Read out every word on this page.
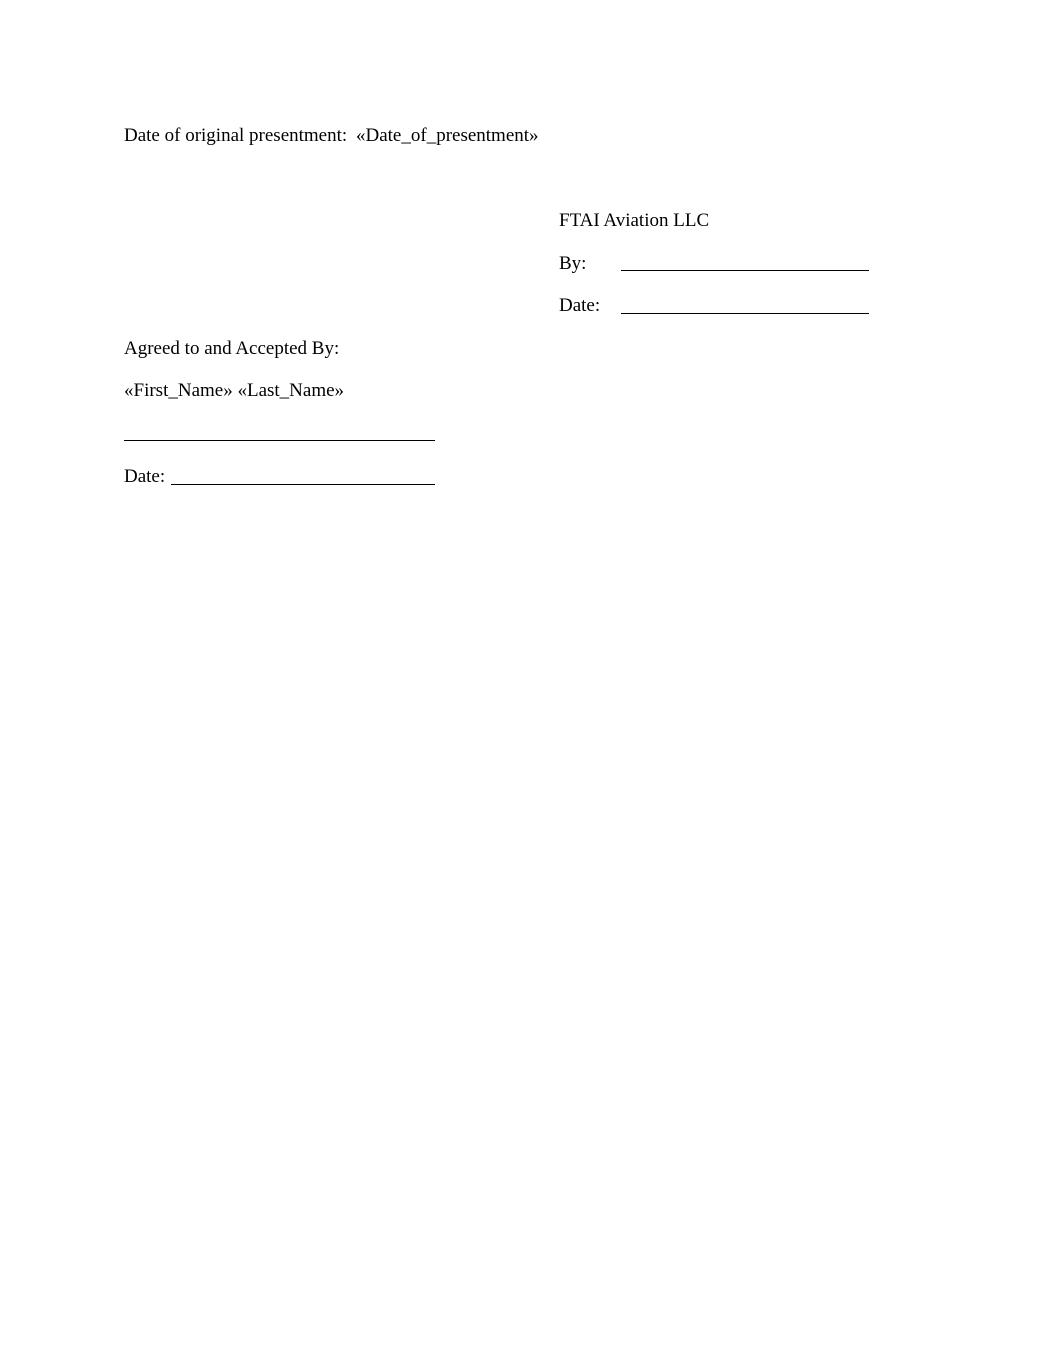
Date of original presentment: «Date_of_presentment»
FTAI Aviation LLC
By:
Date:
Agreed to and Accepted By:
«First_Name» «Last_Name»
Date:
